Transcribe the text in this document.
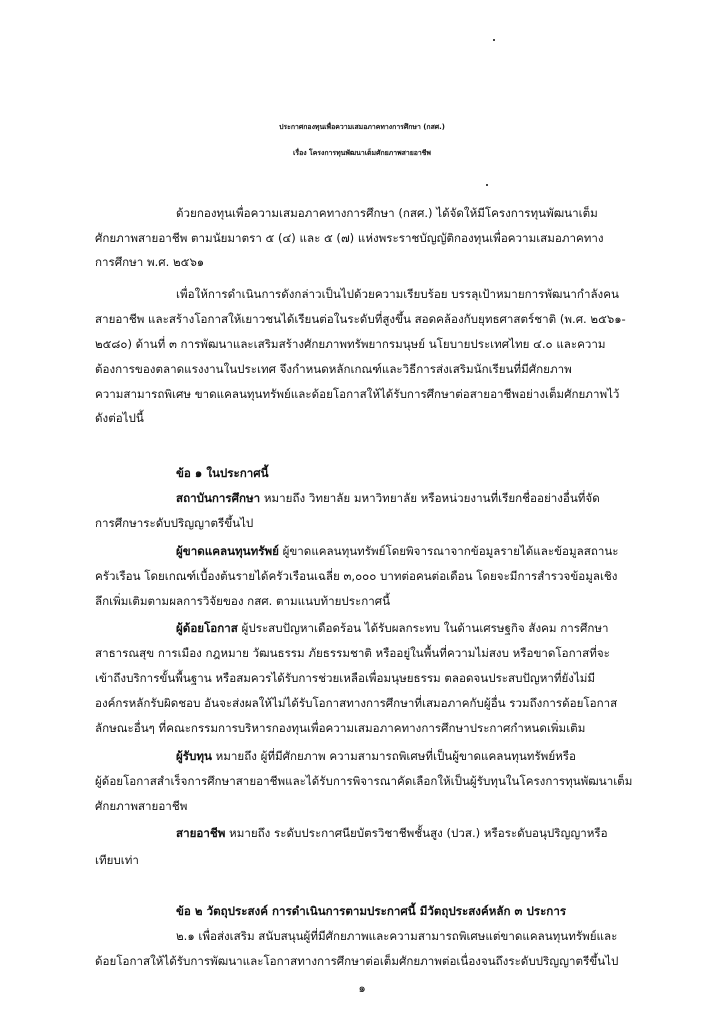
ประกาศกองทุนเพื่อความเสมอภาคทางการศึกษา (กสศ.)
เรื่อง โครงการทุนพัฒนาเต็มศักยภาพสายอาชีพ
ด้วยกองทุนเพื่อความเสมอภาคทางการศึกษา (กสศ.) ได้จัดให้มีโครงการทุนพัฒนาเต็ม
ศักยภาพสายอาชีพ ตามนัยมาตรา ๕ (๔) และ ๕ (๗) แห่งพระราชบัญญัติกองทุนเพื่อความเสมอภาคทาง
การศึกษา พ.ศ. ๒๕๖๑
เพื่อให้การดำเนินการดังกล่าวเป็นไปด้วยความเรียบร้อย บรรลุเป้าหมายการพัฒนากำลังคน
สายอาชีพ และสร้างโอกาสให้เยาวชนได้เรียนต่อในระดับที่สูงขึ้น สอดคล้องกับยุทธศาสตร์ชาติ (พ.ศ. ๒๕๖๑-
๒๕๘๐) ด้านที่ ๓ การพัฒนาและเสริมสร้างศักยภาพทรัพยากรมนุษย์ นโยบายประเทศไทย ๔.๐ และความ
ต้องการของตลาดแรงงานในประเทศ จึงกำหนดหลักเกณฑ์และวิธีการส่งเสริมนักเรียนที่มีศักยภาพ
ความสามารถพิเศษ ขาดแคลนทุนทรัพย์และด้อยโอกาสให้ได้รับการศึกษาต่อสายอาชีพอย่างเต็มศักยภาพไว้
ดังต่อไปนี้
ข้อ ๑ ในประกาศนี้
สถาบันการศึกษา หมายถึง วิทยาลัย มหาวิทยาลัย หรือหน่วยงานที่เรียกชื่ออย่างอื่นที่จัด
การศึกษาระดับปริญญาตรีขึ้นไป
ผู้ขาดแคลนทุนทรัพย์ ผู้ขาดแคลนทุนทรัพย์โดยพิจารณาจากข้อมูลรายได้และข้อมูลสถานะ
ครัวเรือน โดยเกณฑ์เบื้องต้นรายได้ครัวเรือนเฉลี่ย ๓,๐๐๐ บาทต่อคนต่อเดือน โดยจะมีการสำรวจข้อมูลเชิง
ลึกเพิ่มเติมตามผลการวิจัยของ กสศ. ตามแนบท้ายประกาศนี้
ผู้ด้อยโอกาส ผู้ประสบปัญหาเดือดร้อน ได้รับผลกระทบ ในด้านเศรษฐกิจ สังคม การศึกษา
สาธารณสุข การเมือง กฎหมาย วัฒนธรรม ภัยธรรมชาติ หรืออยู่ในพื้นที่ความไม่สงบ หรือขาดโอกาสที่จะ
เข้าถึงบริการขั้นพื้นฐาน หรือสมควรได้รับการช่วยเหลือเพื่อมนุษยธรรม ตลอดจนประสบปัญหาที่ยังไม่มี
องค์กรหลักรับผิดชอบ อันจะส่งผลให้ไม่ได้รับโอกาสทางการศึกษาที่เสมอภาคกับผู้อื่น รวมถึงการด้อยโอกาส
ลักษณะอื่นๆ ที่คณะกรรมการบริหารกองทุนเพื่อความเสมอภาคทางการศึกษาประกาศกำหนดเพิ่มเติม
ผู้รับทุน หมายถึง ผู้ที่มีศักยภาพ ความสามารถพิเศษที่เป็นผู้ขาดแคลนทุนทรัพย์หรือ
ผู้ด้อยโอกาสสำเร็จการศึกษาสายอาชีพและได้รับการพิจารณาคัดเลือกให้เป็นผู้รับทุนในโครงการทุนพัฒนาเต็ม
ศักยภาพสายอาชีพ
สายอาชีพ หมายถึง ระดับประกาศนียบัตรวิชาชีพชั้นสูง (ปวส.) หรือระดับอนุปริญญาหรือ
เทียบเท่า
ข้อ ๒ วัตถุประสงค์ การดำเนินการตามประกาศนี้ มีวัตถุประสงค์หลัก ๓ ประการ
๒.๑ เพื่อส่งเสริม สนับสนุนผู้ที่มีศักยภาพและความสามารถพิเศษแต่ขาดแคลนทุนทรัพย์และ
ด้อยโอกาสให้ได้รับการพัฒนาและโอกาสทางการศึกษาต่อเต็มศักยภาพต่อเนื่องจนถึงระดับปริญญาตรีขึ้นไป
๑
